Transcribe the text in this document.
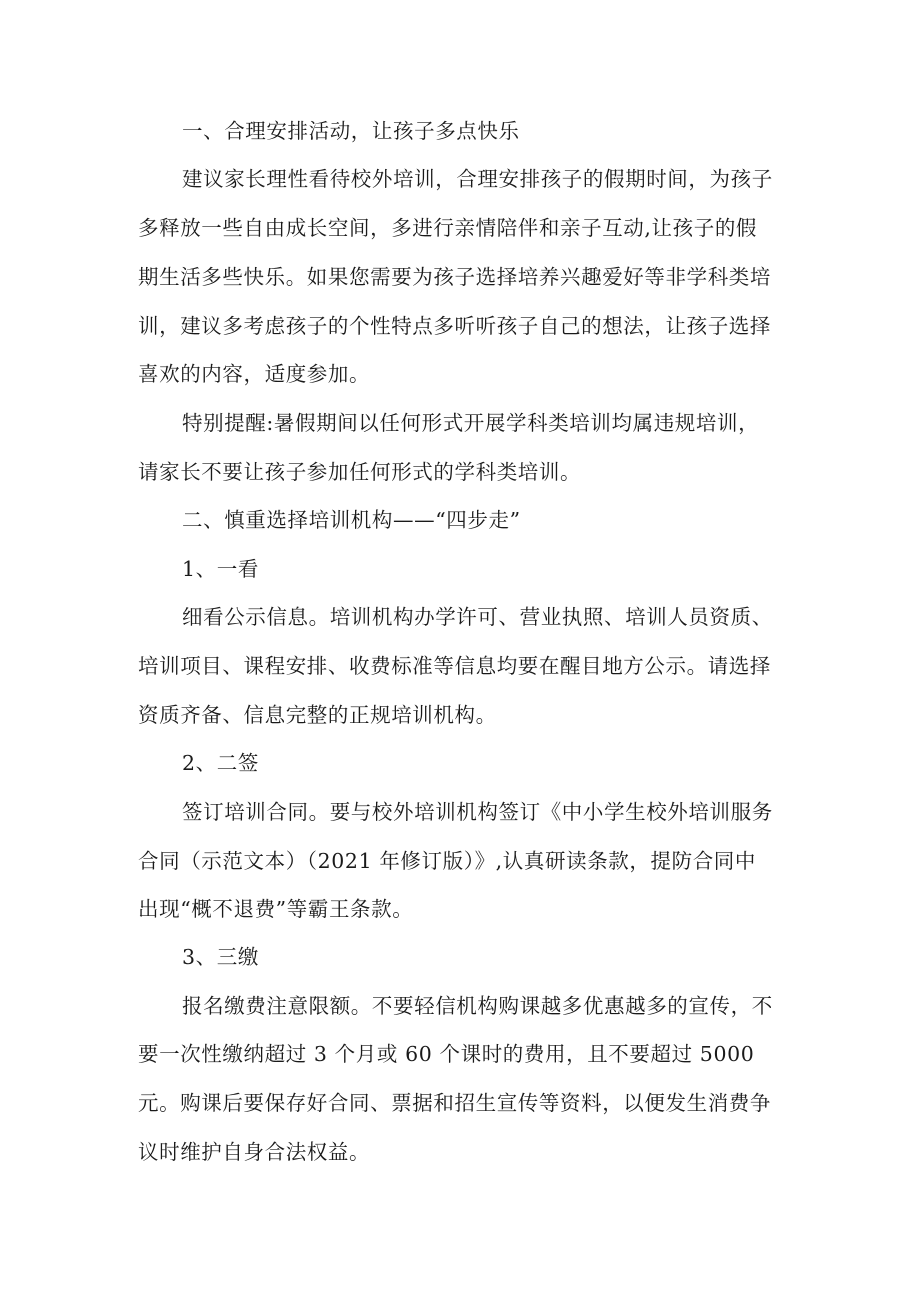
一、合理安排活动，让孩子多点快乐

建议家长理性看待校外培训，合理安排孩子的假期时间，为孩子

多释放一些自由成长空间，多进行亲情陪伴和亲子互动,让孩子的假

期生活多些快乐。如果您需要为孩子选择培养兴趣爱好等非学科类培

训，建议多考虑孩子的个性特点多听听孩子自己的想法，让孩子选择

喜欢的内容，适度参加。

特别提醒:暑假期间以任何形式开展学科类培训均属违规培训，

请家长不要让孩子参加任何形式的学科类培训。

二、慎重选择培训机构——“四步走”

1、一看

细看公示信息。培训机构办学许可、营业执照、培训人员资质、

培训项目、课程安排、收费标准等信息均要在醒目地方公示。请选择

资质齐备、信息完整的正规培训机构。

2、二签

签订培训合同。要与校外培训机构签订《中小学生校外培训服务

合同（示范文本）（2021 年修订版）》,认真研读条款，提防合同中

出现“概不退费”等霸王条款。

3、三缴

报名缴费注意限额。不要轻信机构购课越多优惠越多的宣传，不

要一次性缴纳超过 3 个月或 60 个课时的费用，且不要超过 5000

元。购课后要保存好合同、票据和招生宣传等资料，以便发生消费争

议时维护自身合法权益。
